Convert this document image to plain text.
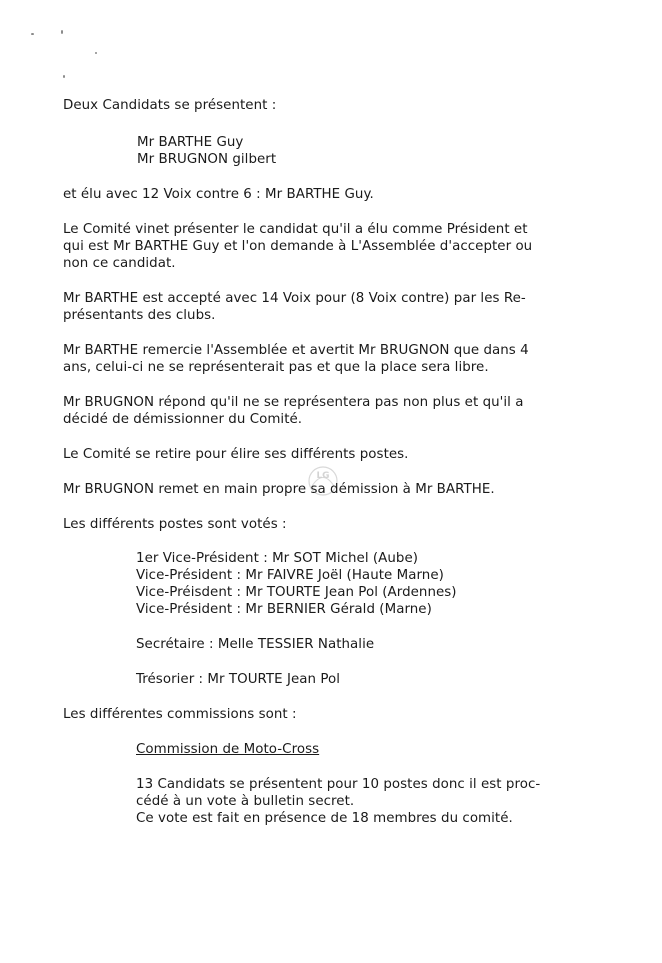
LG

Deux Candidats se présentent :

Mr BARTHE Guy

Mr BRUGNON gilbert

et élu avec 12 Voix contre 6 : Mr BARTHE Guy.

Le Comité vinet présenter le candidat qu'il a élu comme Président et

qui est Mr BARTHE Guy et l'on demande à L'Assemblée d'accepter ou

non ce candidat.

Mr BARTHE est accepté avec 14 Voix pour (8 Voix contre) par les Re-

présentants des clubs.

Mr BARTHE remercie l'Assemblée et avertit Mr BRUGNON que dans 4

ans, celui-ci ne se représenterait pas et que la place sera libre.

Mr BRUGNON répond qu'il ne se représentera pas non plus et qu'il a

décidé de démissionner du Comité.

Le Comité se retire pour élire ses différents postes.

Mr BRUGNON remet en main propre sa démission à Mr BARTHE.

Les différents postes sont votés :

1er Vice-Président : Mr SOT Michel (Aube)

Vice-Président : Mr FAIVRE Joël (Haute Marne)

Vice-Préisdent : Mr TOURTE Jean Pol (Ardennes)

Vice-Président : Mr BERNIER Gérald (Marne)

Secrétaire : Melle TESSIER Nathalie

Trésorier : Mr TOURTE Jean Pol

Les différentes commissions sont :

Commission de Moto-Cross

13 Candidats se présentent pour 10 postes donc il est proc-

cédé à un vote à bulletin secret.

Ce vote est fait en présence de 18 membres du comité.
